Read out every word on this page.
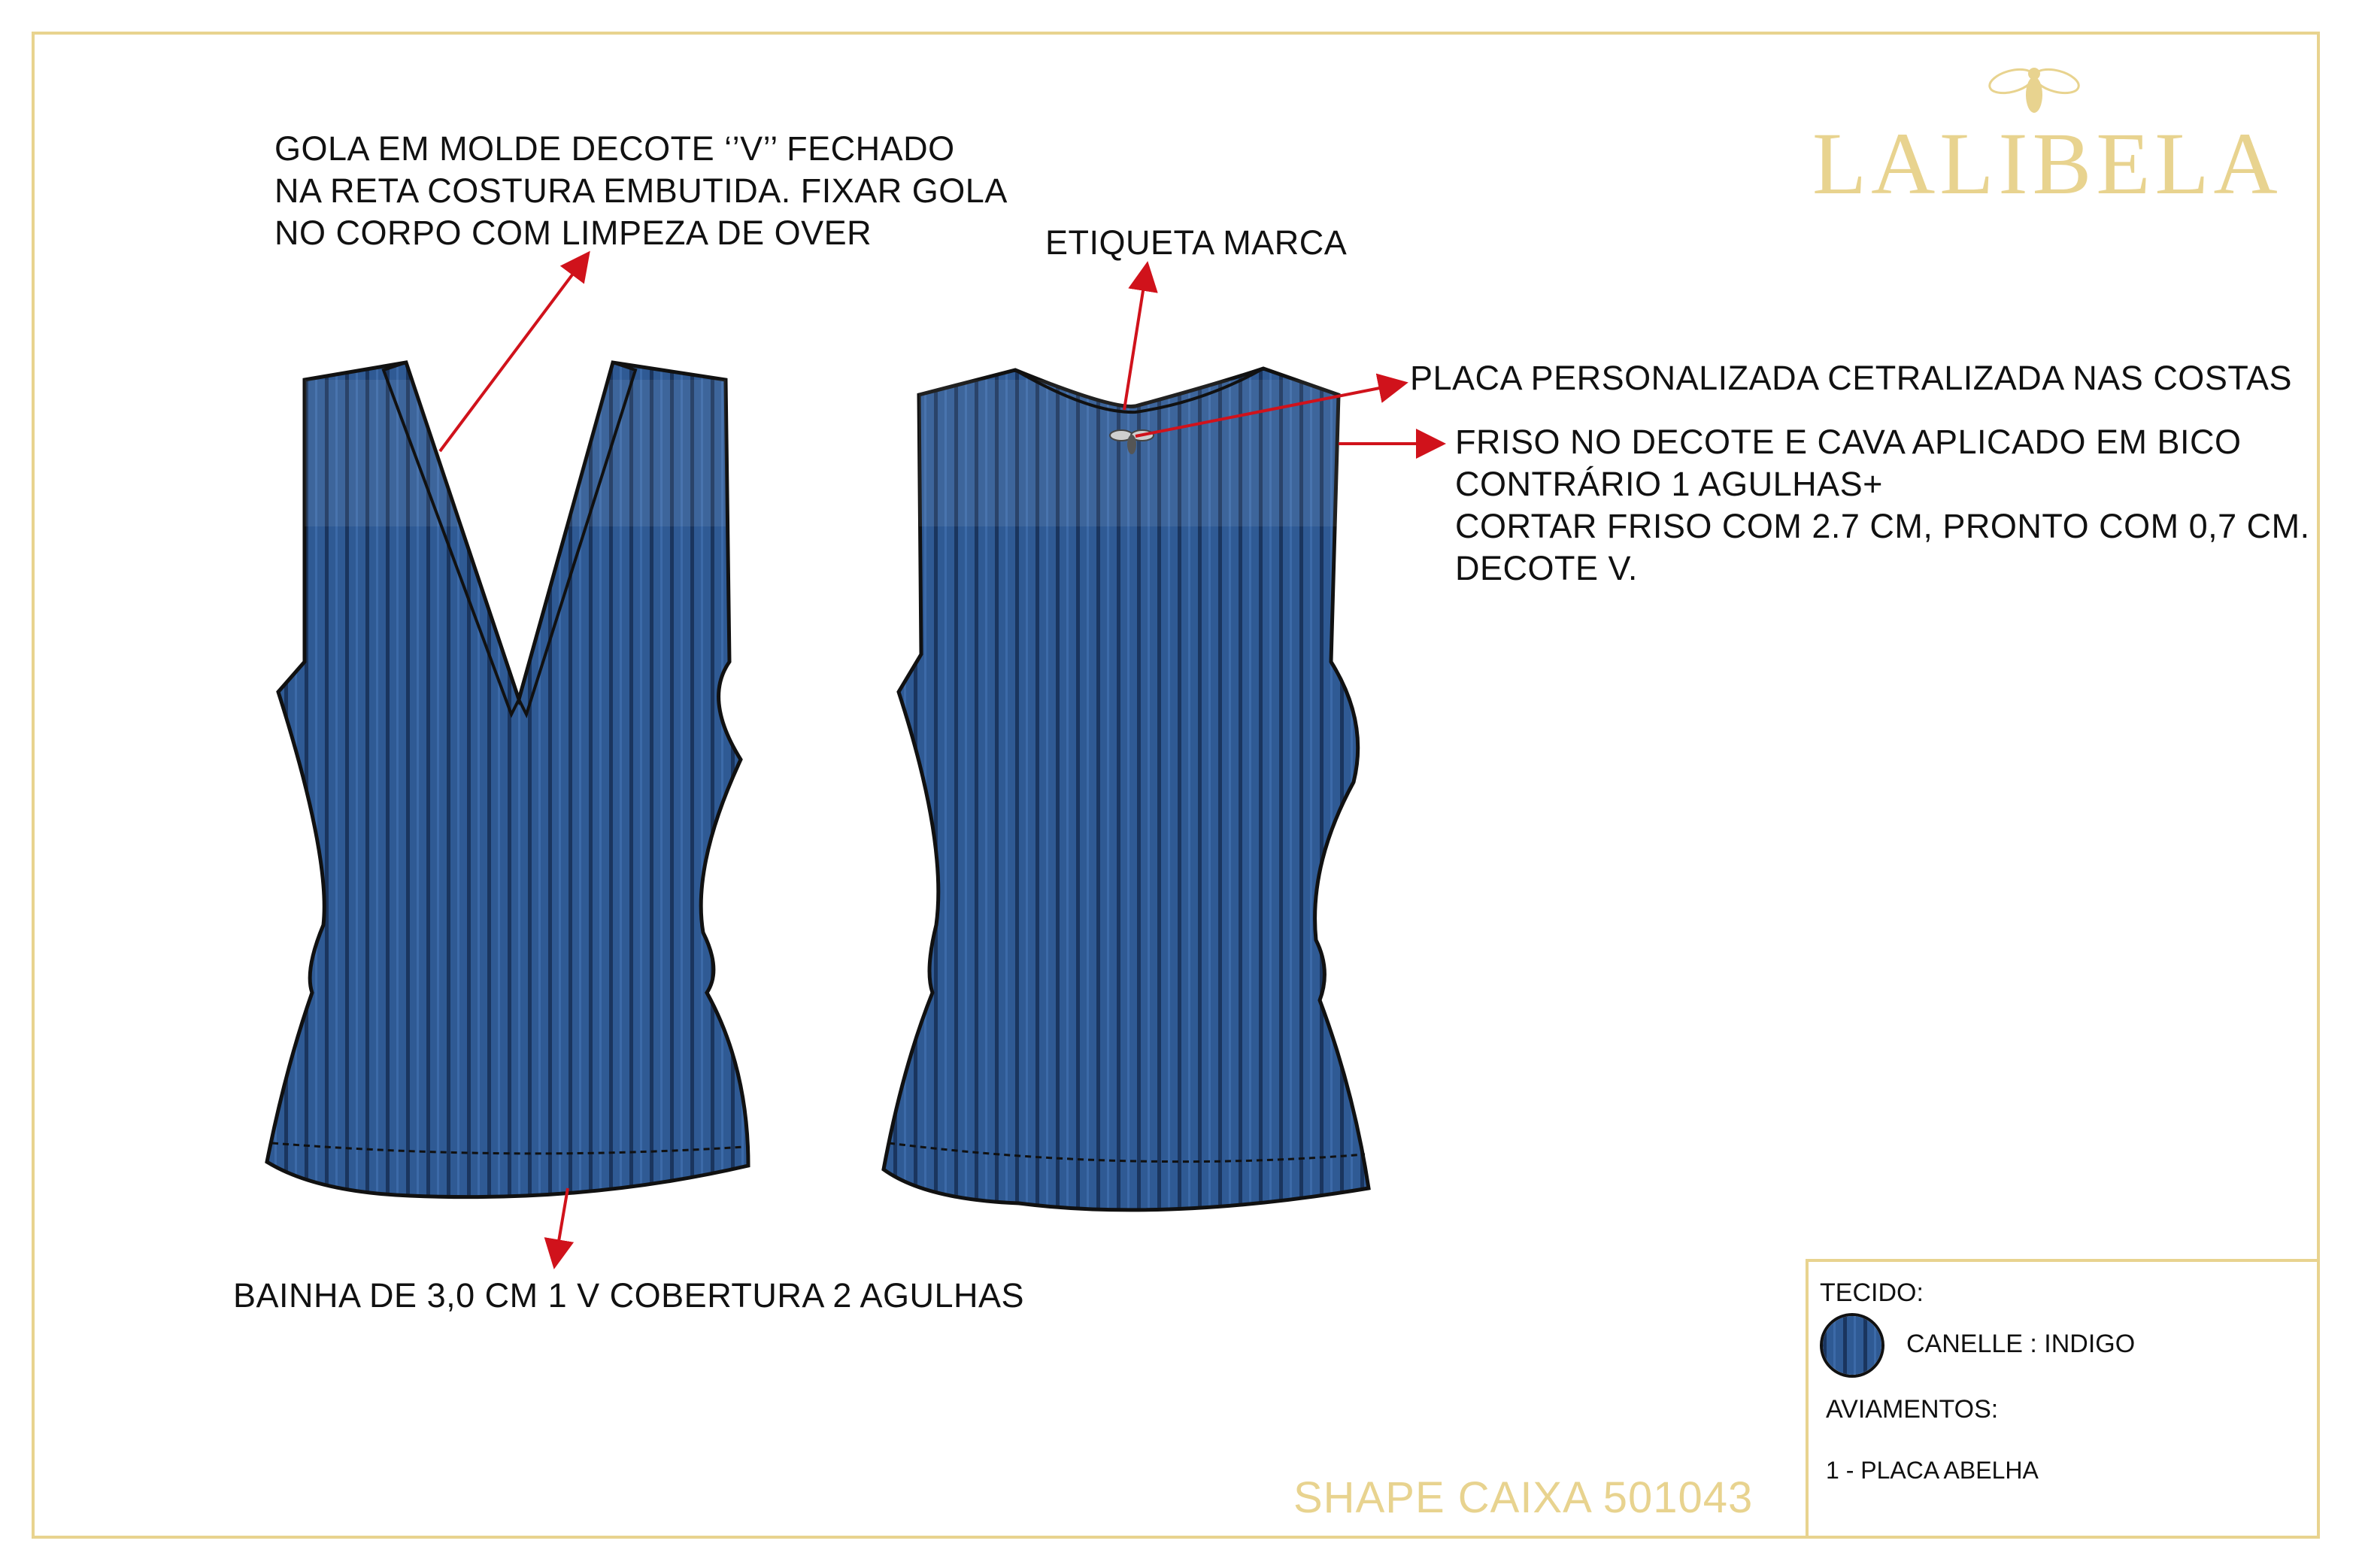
LALIBELA
GOLA EM MOLDE DECOTE ‘’V’’ FECHADO
NA RETA COSTURA EMBUTIDA. FIXAR GOLA
NO CORPO COM LIMPEZA DE OVER	ETIQUETA MARCA
PLACA PERSONALIZADA CETRALIZADA NAS COSTAS
FRISO NO DECOTE E CAVA APLICADO EM BICO
CONTRÁRIO 1 AGULHAS+
CORTAR FRISO COM 2.7 CM, PRONTO COM 0,7 CM.
DECOTE V.
BAINHA DE 3,0 CM 1 V COBERTURA 2 AGULHAS	TECIDO:
CANELLE : INDIGO
AVIAMENTOS:
1 - PLACA ABELHA
SHAPE CAIXA 501043
